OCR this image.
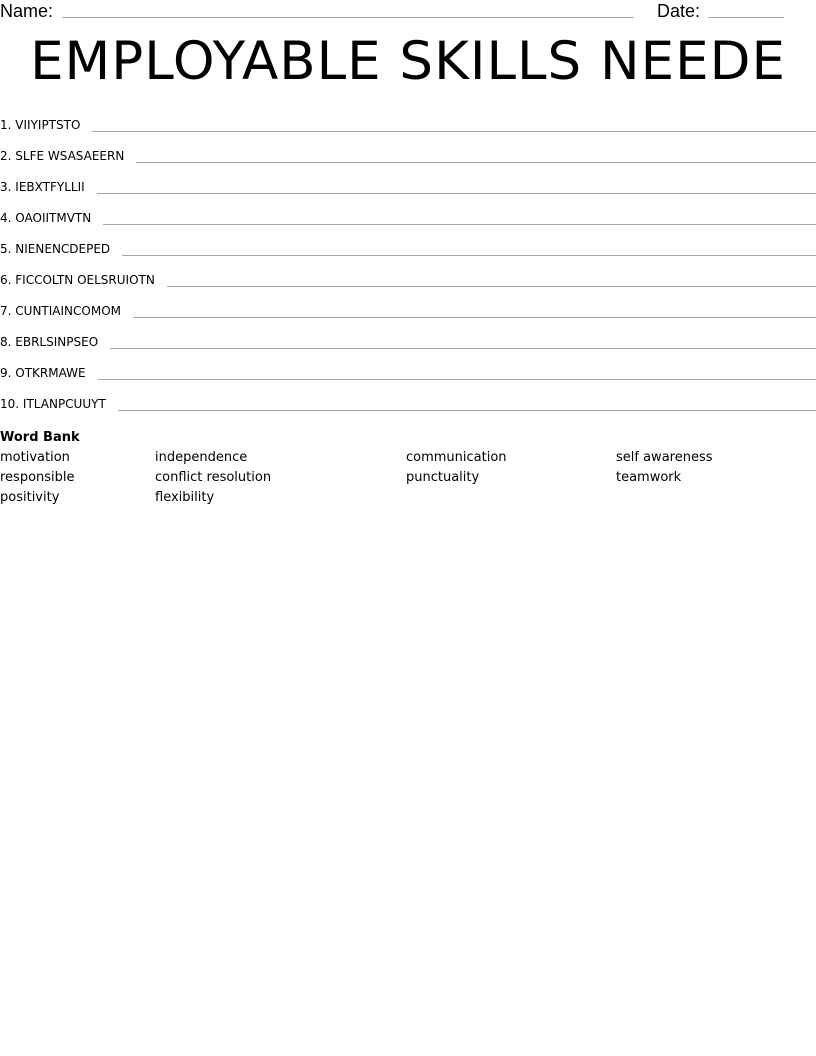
Name:	Date:
EMPLOYABLE SKILLS NEEDE
1. VIIYIPTSTO
2. SLFE WSASAEERN
3. IEBXTFYLLII
4. OAOIITMVTN
5. NIENENCDEPED
6. FICCOLTN OELSRUIOTN
7. CUNTIAINCOMOM
8. EBRLSINPSEO
9. OTKRMAWE
10. ITLANPCUUYT
Word Bank
motivation	independence	communication	self awareness
responsible	conflict resolution	punctuality	teamwork
positivity	flexibility
